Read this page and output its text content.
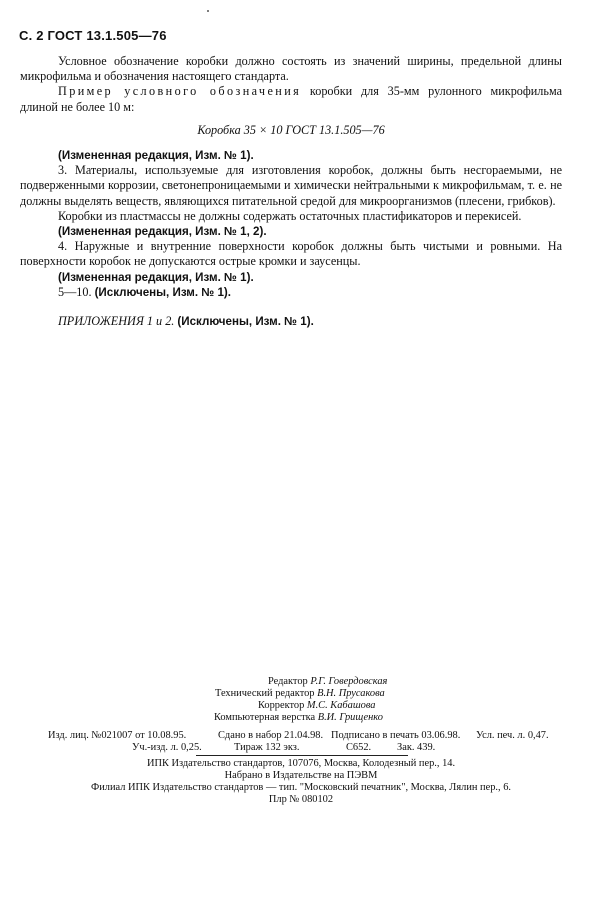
С. 2 ГОСТ 13.1.505—76

Условное обозначение коробки должно состоять из значений ширины, предельной длины микрофильма и обозначения настоящего стандарта.

Пример условного обозначения коробки для 35-мм рулонного микрофильма длиной не более 10 м:

Коробка 35 × 10 ГОСТ 13.1.505—76

(Измененная редакция, Изм. № 1).

3. Материалы, используемые для изготовления коробок, должны быть несгораемыми, не подверженными коррозии, светонепроницаемыми и химически нейтральными к микрофильмам, т. е. не должны выделять веществ, являющихся питательной средой для микроорганизмов (плесени, грибков).

Коробки из пластмассы не должны содержать остаточных пластификаторов и перекисей.

(Измененная редакция, Изм. № 1, 2).

4. Наружные и внутренние поверхности коробок должны быть чистыми и ровными. На поверхности коробок не допускаются острые кромки и заусенцы.

(Измененная редакция, Изм. № 1).

5—10. (Исключены, Изм. № 1).

ПРИЛОЖЕНИЯ 1 и 2. (Исключены, Изм. № 1).

Редактор Р.Г. Говердовская
Технический редактор В.Н. Прусакова
Корректор М.С. Кабашова
Компьютерная верстка В.И. Грищенко
Изд. лиц. №021007 от 10.08.95.	Сдано в набор 21.04.98. Подписано в печать 03.06.98. Усл. печ. л. 0,47.
Уч.-изд. л. 0,25.	Тираж 132 экз.	С652. Зак. 439.
ИПК Издательство стандартов, 107076, Москва, Колодезный пер., 14.
Набрано в Издательстве на ПЭВМ
Филиал ИПК Издательство стандартов — тип. "Московский печатник", Москва, Лялин пер., 6.
Плр № 080102
